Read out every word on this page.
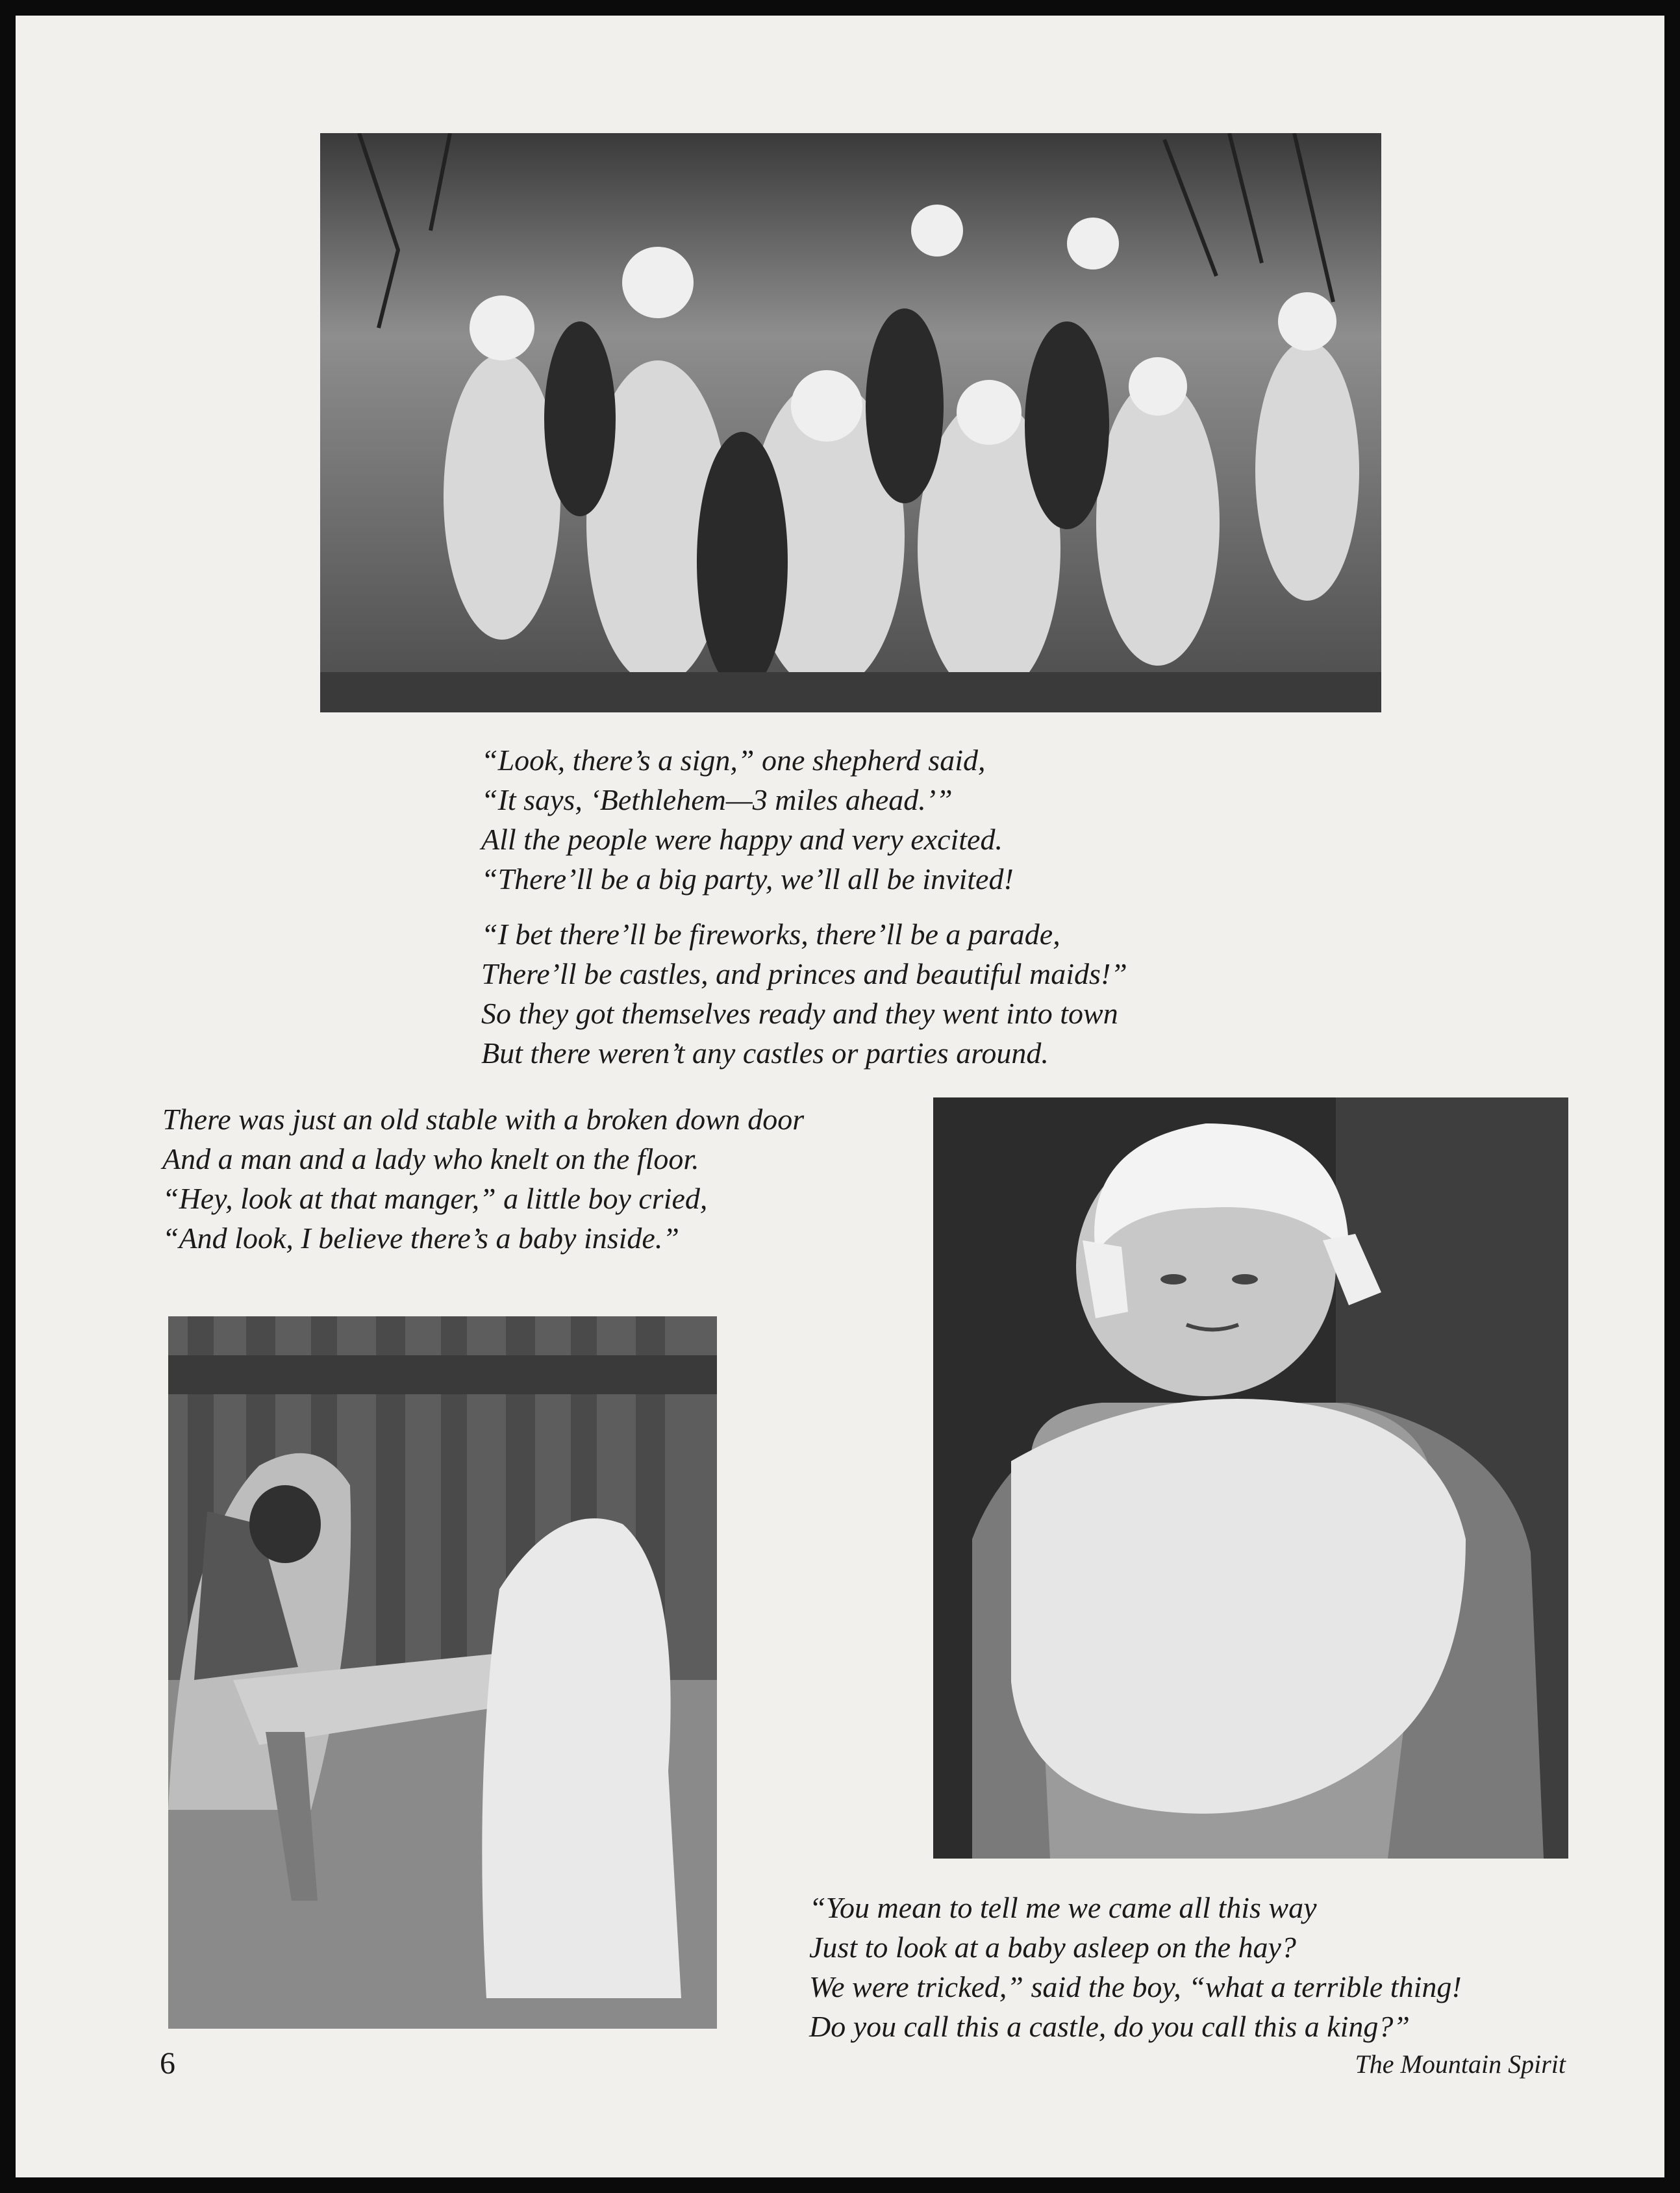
“Look, there’s a sign,” one shepherd said,
“It says, ‘Bethlehem—3 miles ahead.’”
All the people were happy and very excited.
“There’ll be a big party, we’ll all be invited!
“I bet there’ll be fireworks, there’ll be a parade,
There’ll be castles, and princes and beautiful maids!”
So they got themselves ready and they went into town
But there weren’t any castles or parties around.
There was just an old stable with a broken down door
And a man and a lady who knelt on the floor.
“Hey, look at that manger,” a little boy cried,
“And look, I believe there’s a baby inside.”
“You mean to tell me we came all this way
Just to look at a baby asleep on the hay?
We were tricked,” said the boy, “what a terrible thing!
Do you call this a castle, do you call this a king?”
6	The Mountain Spirit
